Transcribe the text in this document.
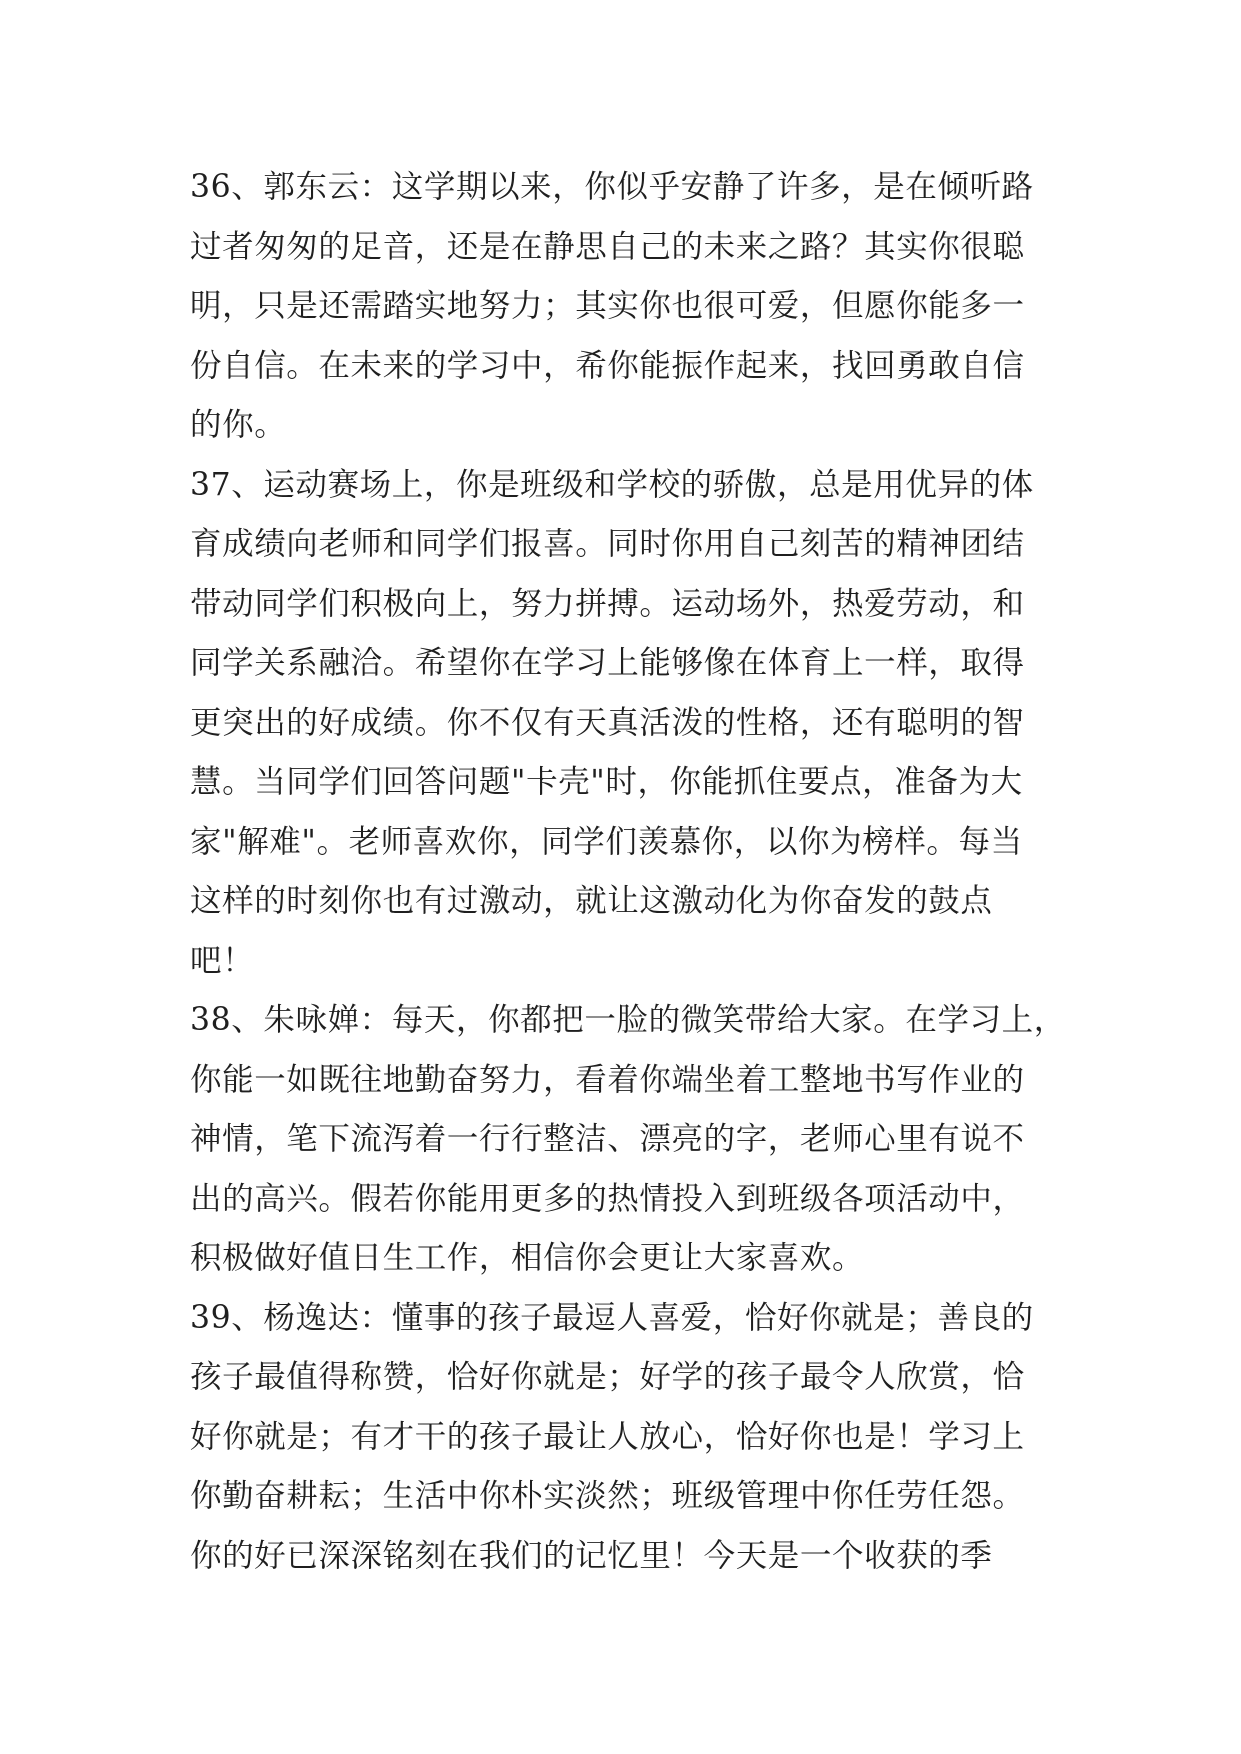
36、郭东云：这学期以来，你似乎安静了许多，是在倾听路
过者匆匆的足音，还是在静思自己的未来之路？其实你很聪
明，只是还需踏实地努力；其实你也很可爱，但愿你能多一
份自信。在未来的学习中，希你能振作起来，找回勇敢自信
的你。
37、运动赛场上，你是班级和学校的骄傲，总是用优异的体
育成绩向老师和同学们报喜。同时你用自己刻苦的精神团结
带动同学们积极向上，努力拼搏。运动场外，热爱劳动，和
同学关系融洽。希望你在学习上能够像在体育上一样，取得
更突出的好成绩。你不仅有天真活泼的性格，还有聪明的智
慧。当同学们回答问题"卡壳"时，你能抓住要点，准备为大
家"解难"。老师喜欢你，同学们羡慕你，以你为榜样。每当
这样的时刻你也有过激动，就让这激动化为你奋发的鼓点
吧！
38、朱咏婵：每天，你都把一脸的微笑带给大家。在学习上，
你能一如既往地勤奋努力，看着你端坐着工整地书写作业的
神情，笔下流泻着一行行整洁、漂亮的字，老师心里有说不
出的高兴。假若你能用更多的热情投入到班级各项活动中，
积极做好值日生工作，相信你会更让大家喜欢。
39、杨逸达：懂事的孩子最逗人喜爱，恰好你就是；善良的
孩子最值得称赞，恰好你就是；好学的孩子最令人欣赏，恰
好你就是；有才干的孩子最让人放心，恰好你也是！学习上
你勤奋耕耘；生活中你朴实淡然；班级管理中你任劳任怨。
你的好已深深铭刻在我们的记忆里！今天是一个收获的季
